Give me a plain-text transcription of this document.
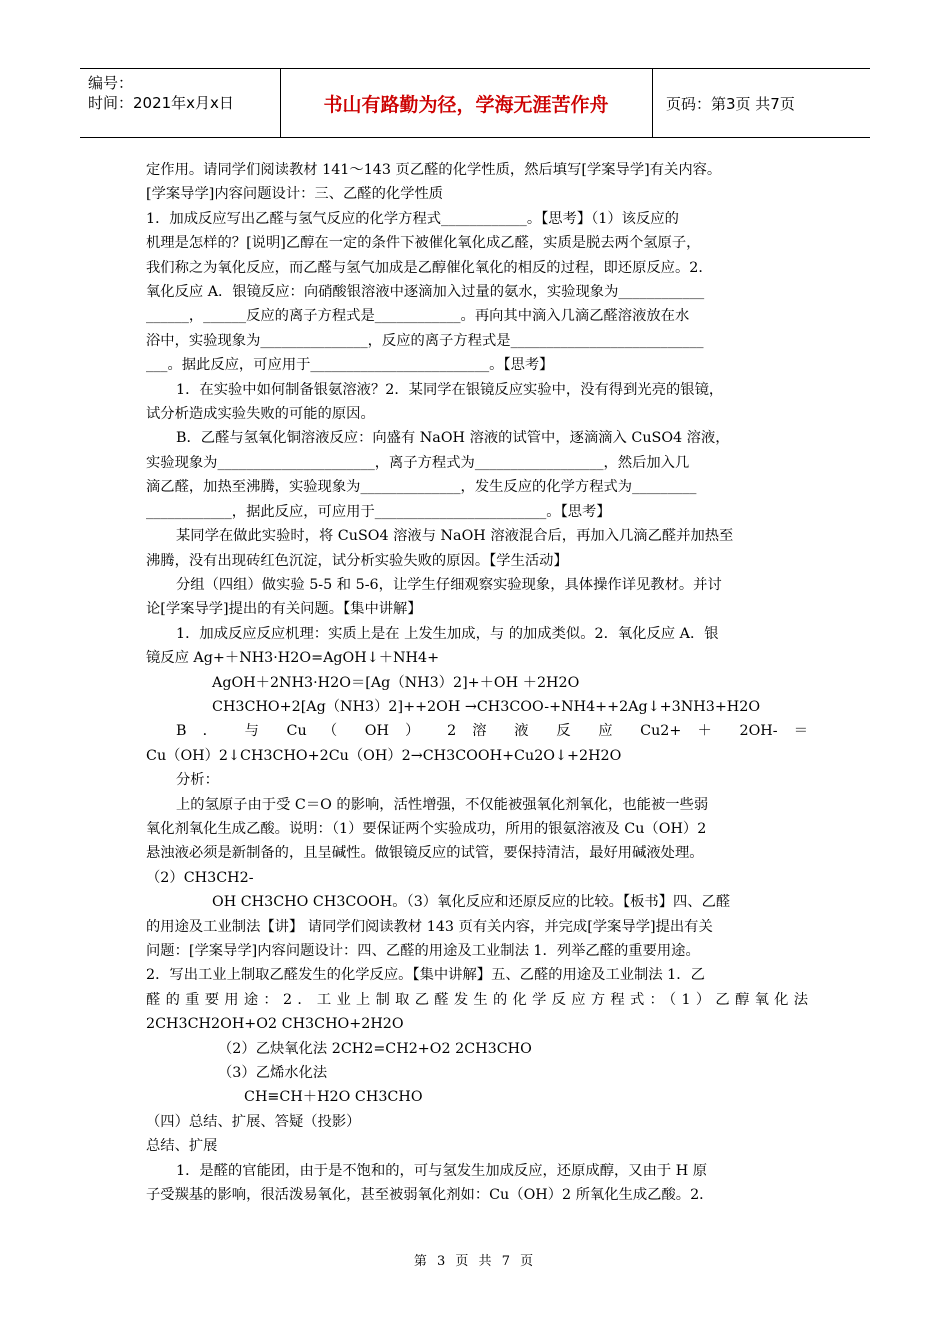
编号：
时间：2021年x月x日	书山有路勤为径，学海无涯苦作舟	页码：第3页 共7页

定作用。请同学们阅读教材 141～143 页乙醛的化学性质，然后填写[学案导学]有关内容。

[学案导学]内容问题设计：三、乙醛的化学性质

1．加成反应写出乙醛与氢气反应的化学方程式____________。【思考】（1）该反应的

机理是怎样的？[说明]乙醇在一定的条件下被催化氧化成乙醛，实质是脱去两个氢原子，

我们称之为氧化反应，而乙醛与氢气加成是乙醇催化氧化的相反的过程，即还原反应。2．

氧化反应 A．银镜反应：向硝酸银溶液中逐滴加入过量的氨水，实验现象为____________

______，______反应的离子方程式是____________。再向其中滴入几滴乙醛溶液放在水

浴中，实验现象为_______________，反应的离子方程式是___________________________

___。据此反应，可应用于_________________________。【思考】

1．在实验中如何制备银氨溶液？2．某同学在银镜反应实验中，没有得到光亮的银镜，

试分析造成实验失败的可能的原因。

B．乙醛与氢氧化铜溶液反应：向盛有 NaOH 溶液的试管中，逐滴滴入 CuSO4 溶液，

实验现象为______________________，离子方程式为__________________，然后加入几

滴乙醛，加热至沸腾，实验现象为______________，发生反应的化学方程式为_________

____________，据此反应，可应用于________________________。【思考】

某同学在做此实验时，将 CuSO4 溶液与 NaOH 溶液混合后，再加入几滴乙醛并加热至

沸腾，没有出现砖红色沉淀，试分析实验失败的原因。【学生活动】

分组（四组）做实验 5-5 和 5-6，让学生仔细观察实验现象，具体操作详见教材。并讨

论[学案导学]提出的有关问题。【集中讲解】

1．加成反应反应机理：实质上是在 上发生加成，与 的加成类似。2．氧化反应 A．银

镜反应 Ag+＋NH3·H2O=AgOH↓＋NH4+

AgOH＋2NH3·H2O＝[Ag（NH3）2]+＋OH ＋2H2O

CH3CHO+2[Ag（NH3）2]++2OH →CH3COO-+NH4++2Ag↓+3NH3+H2O

B ． 与 Cu （ OH ） 2 溶 液 反 应 Cu2+ ＋ 2OH- ＝

Cu（OH）2↓CH3CHO+2Cu（OH）2→CH3COOH+Cu2O↓+2H2O

分析：

上的氢原子由于受 C＝O 的影响，活性增强，不仅能被强氧化剂氧化，也能被一些弱

氧化剂氧化生成乙酸。说明：（1）要保证两个实验成功，所用的银氨溶液及 Cu（OH）2

悬浊液必须是新制备的，且呈碱性。做银镜反应的试管，要保持清洁，最好用碱液处理。

（2）CH3CH2-

OH CH3CHO CH3COOH。（3）氧化反应和还原反应的比较。【板书】四、乙醛

的用途及工业制法【讲】 请同学们阅读教材 143 页有关内容，并完成[学案导学]提出有关

问题：[学案导学]内容问题设计：四、乙醛的用途及工业制法 1．列举乙醛的重要用途。

2．写出工业上制取乙醛发生的化学反应。【集中讲解】五、乙醛的用途及工业制法 1．乙

醛的重要用途：2．工业上制取乙醛发生的化学反应方程式：（1）乙醇氧化法

2CH3CH2OH+O2 CH3CHO+2H2O

（2）乙炔氧化法 2CH2=CH2+O2 2CH3CHO

（3）乙烯水化法

CH≡CH＋H2O CH3CHO

（四）总结、扩展、答疑（投影）

总结、扩展

1．是醛的官能团，由于是不饱和的，可与氢发生加成反应，还原成醇，又由于 H 原

子受羰基的影响，很活泼易氧化，甚至被弱氧化剂如：Cu（OH）2 所氧化生成乙酸。2．

第 3 页 共 7 页
